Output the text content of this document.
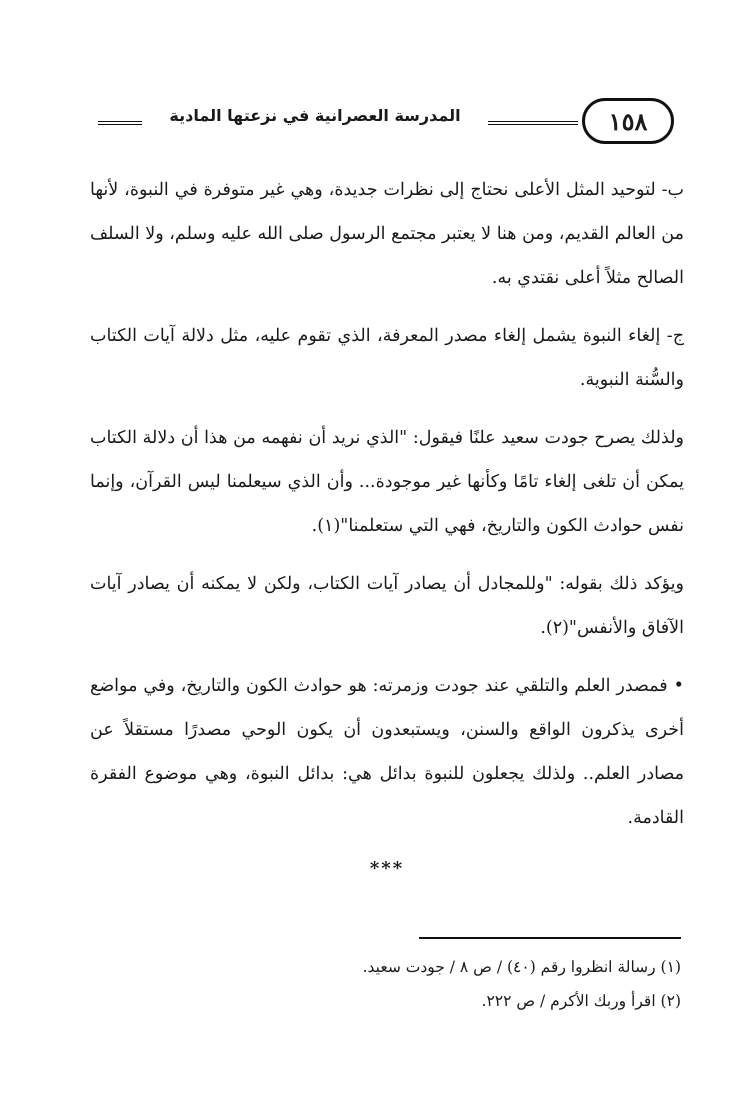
المدرسة العصرانية في نزعتها المادية	١٥٨

ب- لتوحيد المثل الأعلى نحتاج إلى نظرات جديدة، وهي غير متوفرة في النبوة، لأنها من العالم القديم، ومن هنا لا يعتبر مجتمع الرسول صلى الله عليه وسلم، ولا السلف الصالح مثلاً أعلى نقتدي به.

ج- إلغاء النبوة يشمل إلغاء مصدر المعرفة، الذي تقوم عليه، مثل دلالة آيات الكتاب والسُّنة النبوية.

ولذلك يصرح جودت سعيد علنًا فيقول: "الذي نريد أن نفهمه من هذا أن دلالة الكتاب يمكن أن تلغى إلغاء تامًا وكأنها غير موجودة... وأن الذي سيعلمنا ليس القرآن، وإنما نفس حوادث الكون والتاريخ، فهي التي ستعلمنا"(١).

ويؤكد ذلك بقوله: "وللمجادل أن يصادر آيات الكتاب، ولكن لا يمكنه أن يصادر آيات الآفاق والأنفس"(٢).

•فمصدر العلم والتلقي عند جودت وزمرته: هو حوادث الكون والتاريخ، وفي مواضع أخرى يذكرون الواقع والسنن، ويستبعدون أن يكون الوحي مصدرًا مستقلاً عن مصادر العلم.. ولذلك يجعلون للنبوة بدائل هي: بدائل النبوة، وهي موضوع الفقرة القادمة.

***

(١) رسالة انظروا رقم (٤٠) / ص ٨ / جودت سعيد.

(٢) اقرأ وربك الأكرم / ص ٢٢٢.
